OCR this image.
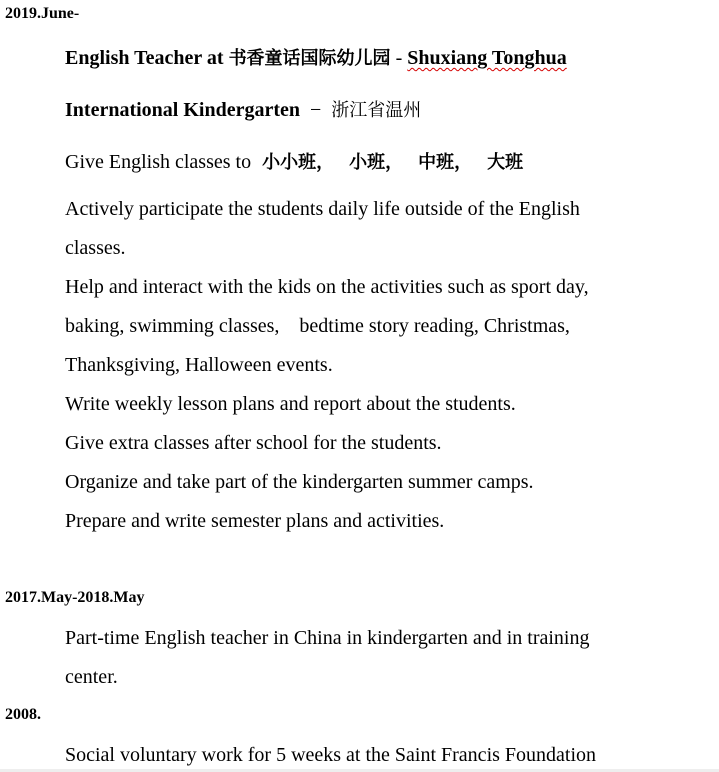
2019.June-
English Teacher at 书香童话国际幼儿园 - Shuxiang Tonghua
International Kindergarten  −  浙江省温州
Give English classes to 小小班， 小班， 中班， 大班
Actively participate the students daily life outside of the English
classes.
Help and interact with the kids on the activities such as sport day,
baking, swimming classes,    bedtime story reading, Christmas,
Thanksgiving, Halloween events.
Write weekly lesson plans and report about the students.
Give extra classes after school for the students.
Organize and take part of the kindergarten summer camps.
Prepare and write semester plans and activities.
2017.May-2018.May
Part-time English teacher in China in kindergarten and in training
center.
2008.
Social voluntary work for 5 weeks at the Saint Francis Foundation
